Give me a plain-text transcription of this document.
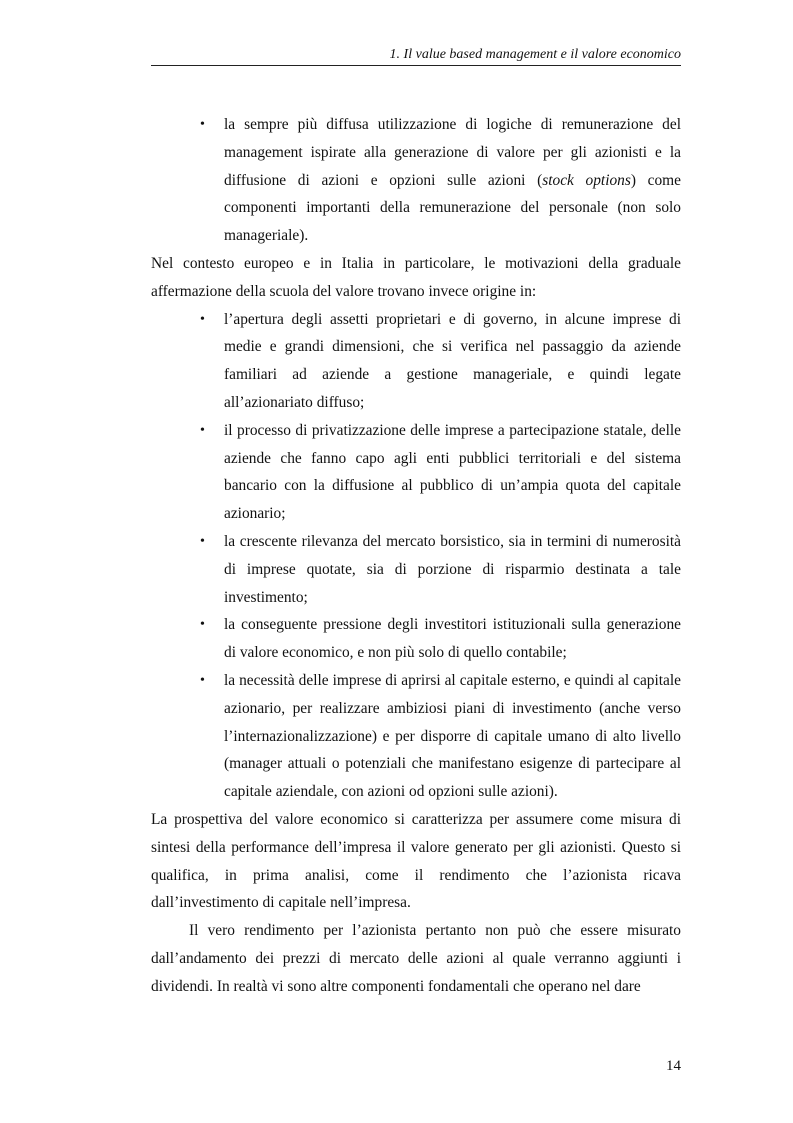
1. Il value based management e il valore economico
• la sempre più diffusa utilizzazione di logiche di remunerazione del management ispirate alla generazione di valore per gli azionisti e la diffusione di azioni e opzioni sulle azioni (stock options) come componenti importanti della remunerazione del personale (non solo manageriale).

Nel contesto europeo e in Italia in particolare, le motivazioni della graduale affermazione della scuola del valore trovano invece origine in:

• l’apertura degli assetti proprietari e di governo, in alcune imprese di medie e grandi dimensioni, che si verifica nel passaggio da aziende familiari ad aziende a gestione manageriale, e quindi legate all’azionariato diffuso;
• il processo di privatizzazione delle imprese a partecipazione statale, delle aziende che fanno capo agli enti pubblici territoriali e del sistema bancario con la diffusione al pubblico di un’ampia quota del capitale azionario;
• la crescente rilevanza del mercato borsistico, sia in termini di numerosità di imprese quotate, sia di porzione di risparmio destinata a tale investimento;
• la conseguente pressione degli investitori istituzionali sulla generazione di valore economico, e non più solo di quello contabile;
• la necessità delle imprese di aprirsi al capitale esterno, e quindi al capitale azionario, per realizzare ambiziosi piani di investimento (anche verso l’internazionalizzazione) e per disporre di capitale umano di alto livello (manager attuali o potenziali che manifestano esigenze di partecipare al capitale aziendale, con azioni od opzioni sulle azioni).

La prospettiva del valore economico si caratterizza per assumere come misura di sintesi della performance dell’impresa il valore generato per gli azionisti. Questo si qualifica, in prima analisi, come il rendimento che l’azionista ricava dall’investimento di capitale nell’impresa.

Il vero rendimento per l’azionista pertanto non può che essere misurato dall’andamento dei prezzi di mercato delle azioni al quale verranno aggiunti i dividendi. In realtà vi sono altre componenti fondamentali che operano nel dare

14
